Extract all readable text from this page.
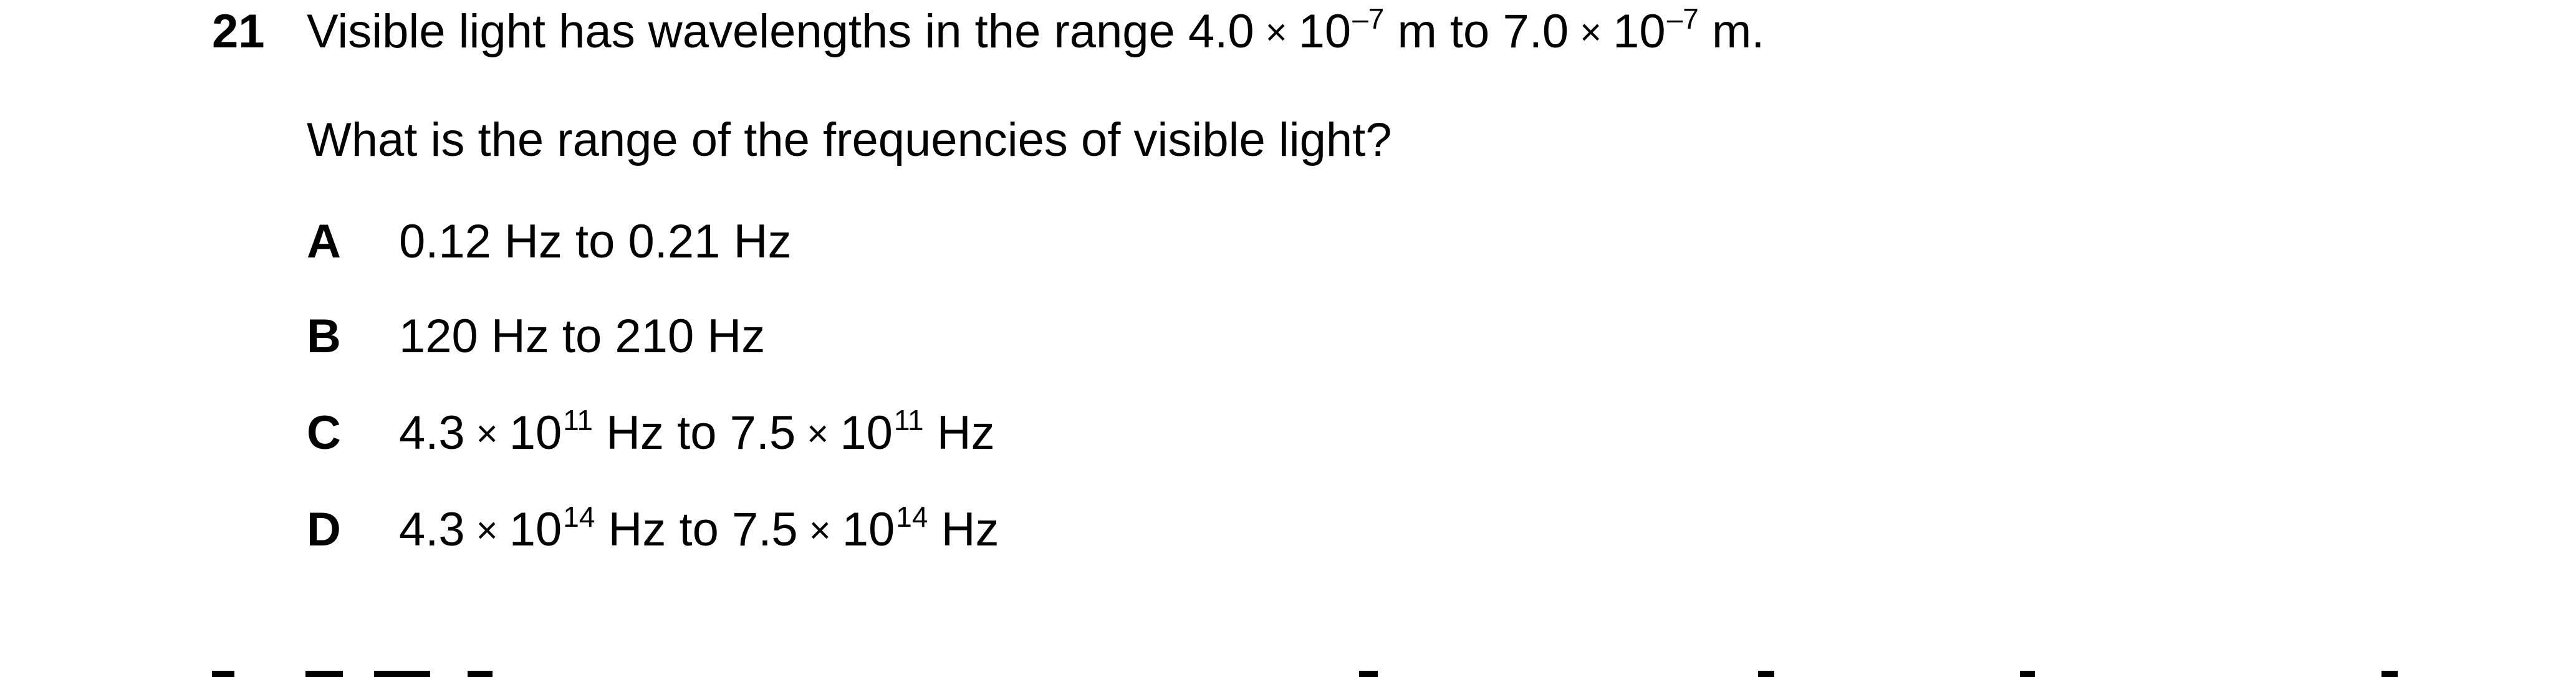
21 Visible light has wavelengths in the range $4.0 \times 10^{-7}$ m to $7.0 \times 10^{-7}$ m.
What is the range of the frequencies of visible light?
A 0.12 Hz to 0.21 Hz
B 120 Hz to 210 Hz
C $4.3 \times 10^{11}$ Hz to $7.5 \times 10^{11}$ Hz
D $4.3 \times 10^{14}$ Hz to $7.5 \times 10^{14}$ Hz
